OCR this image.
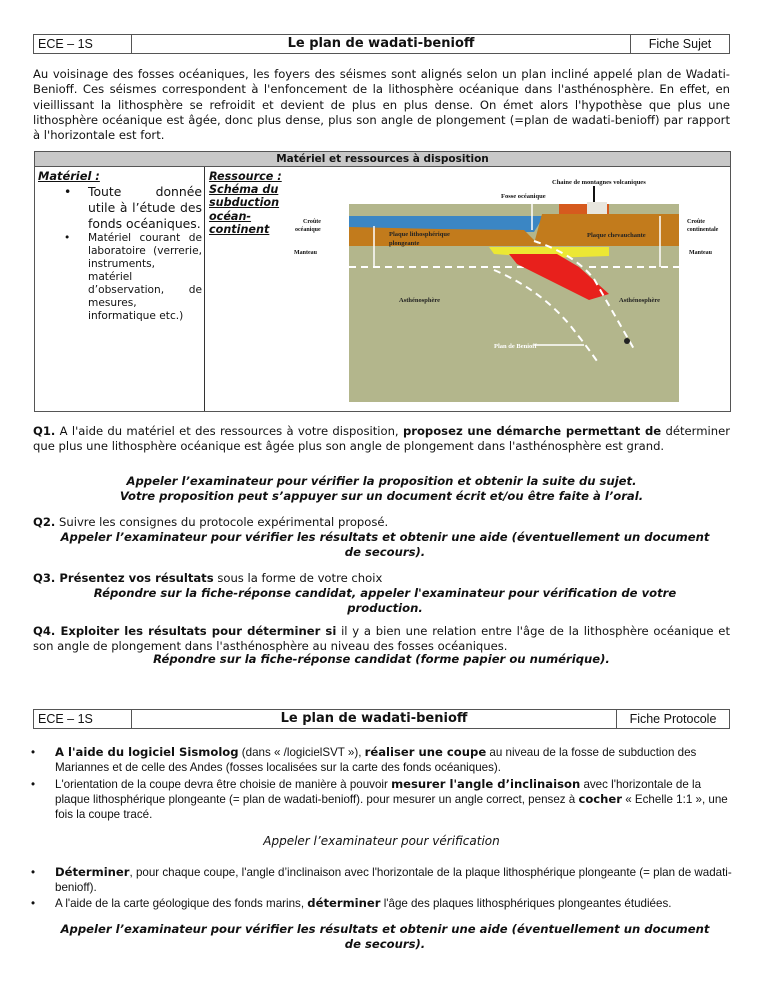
ECE – 1S	Le plan de wadati-benioff	Fiche Sujet
Au voisinage des fosses océaniques, les foyers des séismes sont alignés selon un plan incliné appelé plan de Wadati-Benioff. Ces séismes correspondent à l'enfoncement de la lithosphère océanique dans l'asthénosphère. En effet, en vieillissant la lithosphère se refroidit et devient de plus en plus dense. On émet alors l'hypothèse que plus une lithosphère océanique est âgée, donc plus dense, plus son angle de plongement (=plan de wadati-benioff) par rapport à l'horizontale est fort.
Matériel et ressources à disposition
Matériel :
• Toute donnée utile à l’étude des fonds océaniques.
• Matériel courant de laboratoire (verrerie, instruments, matériel d’observation, de mesures, informatique etc.)
Ressource :
Schéma du subduction océan-continent
Chaine de montagnes volcaniques
Fosse océanique
Croûte
océanique
Manteau
Plaque lithosphérique
plongeante
Plaque chevauchante
Croûte
continentale
Manteau
Asthénosphère	Asthénosphère
Plan de Benioff
Q1. A l'aide du matériel et des ressources à votre disposition, proposez une démarche permettant de déterminer que plus une lithosphère océanique est âgée plus son angle de plongement dans l'asthénosphère est grand.
Appeler l’examinateur pour vérifier la proposition et obtenir la suite du sujet.
Votre proposition peut s’appuyer sur un document écrit et/ou être faite à l’oral.
Q2. Suivre les consignes du protocole expérimental proposé.
Appeler l’examinateur pour vérifier les résultats et obtenir une aide (éventuellement un document de secours).
Q3. Présentez vos résultats sous la forme de votre choix
Répondre sur la fiche-réponse candidat, appeler l'examinateur pour vérification de votre production.
Q4. Exploiter les résultats pour déterminer si il y a bien une relation entre l'âge de la lithosphère océanique et son angle de plongement dans l'asthénosphère au niveau des fosses océaniques.
Répondre sur la fiche-réponse candidat (forme papier ou numérique).
ECE – 1S	Le plan de wadati-benioff	Fiche Protocole
• A l'aide du logiciel Sismolog (dans « /logicielSVT »), réaliser une coupe au niveau de la fosse de subduction des Mariannes et de celle des Andes (fosses localisées sur la carte des fonds océaniques).
• L'orientation de la coupe devra être choisie de manière à pouvoir mesurer l'angle d’inclinaison avec l'horizontale de la plaque lithosphérique plongeante (= plan de wadati-benioff). pour mesurer un angle correct, pensez à cocher « Echelle 1:1 », une fois la coupe tracé.
Appeler l’examinateur pour vérification
• Déterminer, pour chaque coupe, l'angle d’inclinaison avec l'horizontale de la plaque lithosphérique plongeante (= plan de wadati-benioff).
• A l'aide de la carte géologique des fonds marins, déterminer l'âge des plaques lithosphériques plongeantes étudiées.
Appeler l’examinateur pour vérifier les résultats et obtenir une aide (éventuellement un document de secours).
